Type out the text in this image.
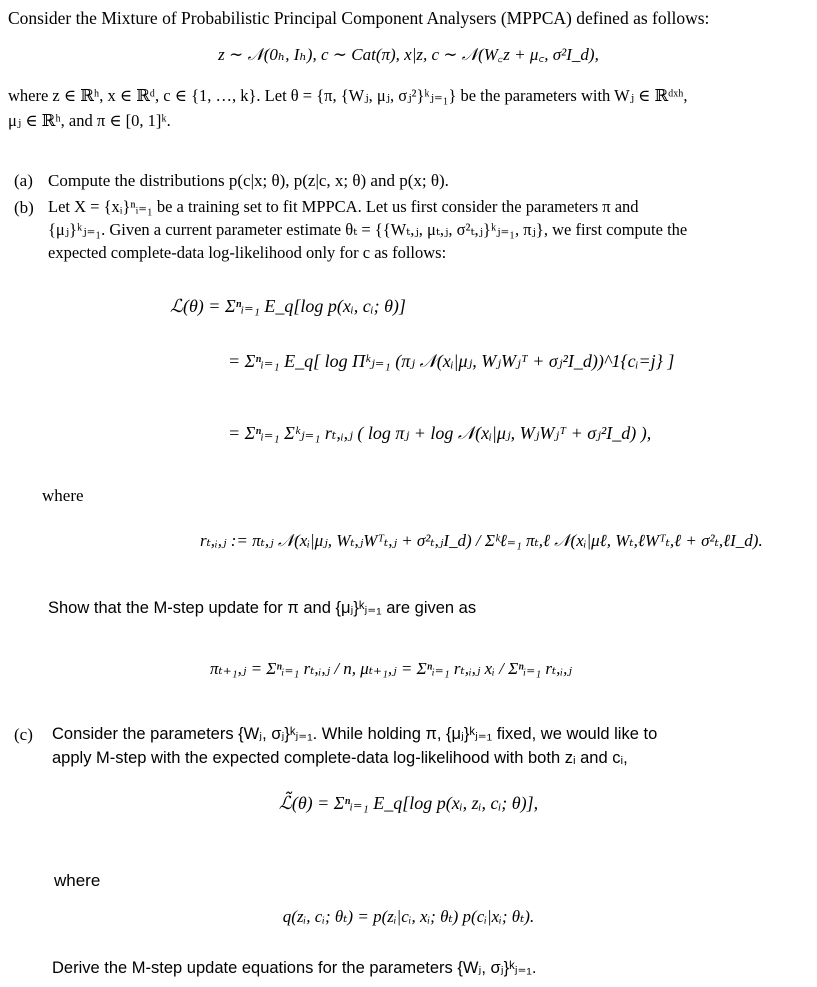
Consider the Mixture of Probabilistic Principal Component Analysers (MPPCA) defined as follows:
z ∼ 𝒩(0ₕ, Iₕ), c ∼ Cat(π), x|z, c ∼ 𝒩(W꜀z + μ꜀, σ²I_d),
where z ∈ ℝʰ, x ∈ ℝᵈ, c ∈ {1, …, k}. Let θ = {π, {Wⱼ, μⱼ, σⱼ²}ᵏⱼ₌₁} be the parameters with Wⱼ ∈ ℝᵈˣʰ,
μⱼ ∈ ℝʰ, and π ∈ [0, 1]ᵏ.
(a) Compute the distributions p(c|x; θ), p(z|c, x; θ) and p(x; θ).
(b) Let X = {xᵢ}ⁿᵢ₌₁ be a training set to fit MPPCA. Let us first consider the parameters π and
{μⱼ}ᵏⱼ₌₁. Given a current parameter estimate θₜ = {{Wₜ,ⱼ, μₜ,ⱼ, σ²ₜ,ⱼ}ᵏⱼ₌₁, πⱼ}, we first compute the
expected complete-data log-likelihood only for c as follows:
ℒ(θ) = Σⁿᵢ₌₁ E_q[log p(xᵢ, cᵢ; θ)]
= Σⁿᵢ₌₁ E_q[ log Πᵏⱼ₌₁ (πⱼ 𝒩(xᵢ|μⱼ, WⱼWⱼᵀ + σⱼ²I_d))^1{cᵢ=j} ]
= Σⁿᵢ₌₁ Σᵏⱼ₌₁ rₜ,ᵢ,ⱼ ( log πⱼ + log 𝒩(xᵢ|μⱼ, WⱼWⱼᵀ + σⱼ²I_d) ),
where
rₜ,ᵢ,ⱼ := πₜ,ⱼ 𝒩(xᵢ|μⱼ, Wₜ,ⱼWᵀₜ,ⱼ + σ²ₜ,ⱼI_d) / Σᵏℓ₌₁ πₜ,ℓ 𝒩(xᵢ|μℓ, Wₜ,ℓWᵀₜ,ℓ + σ²ₜ,ℓI_d).
Show that the M-step update for π and {μⱼ}ᵏⱼ₌₁ are given as
πₜ₊₁,ⱼ = Σⁿᵢ₌₁ rₜ,ᵢ,ⱼ / n, μₜ₊₁,ⱼ = Σⁿᵢ₌₁ rₜ,ᵢ,ⱼ xᵢ / Σⁿᵢ₌₁ rₜ,ᵢ,ⱼ
(c) Consider the parameters {Wⱼ, σⱼ}ᵏⱼ₌₁. While holding π, {μⱼ}ᵏⱼ₌₁ fixed, we would like to
apply M-step with the expected complete-data log-likelihood with both zᵢ and cᵢ,
ℒ̃(θ) = Σⁿᵢ₌₁ E_q[log p(xᵢ, zᵢ, cᵢ; θ)],
where
q(zᵢ, cᵢ; θₜ) = p(zᵢ|cᵢ, xᵢ; θₜ) p(cᵢ|xᵢ; θₜ).
Derive the M-step update equations for the parameters {Wⱼ, σⱼ}ᵏⱼ₌₁.
